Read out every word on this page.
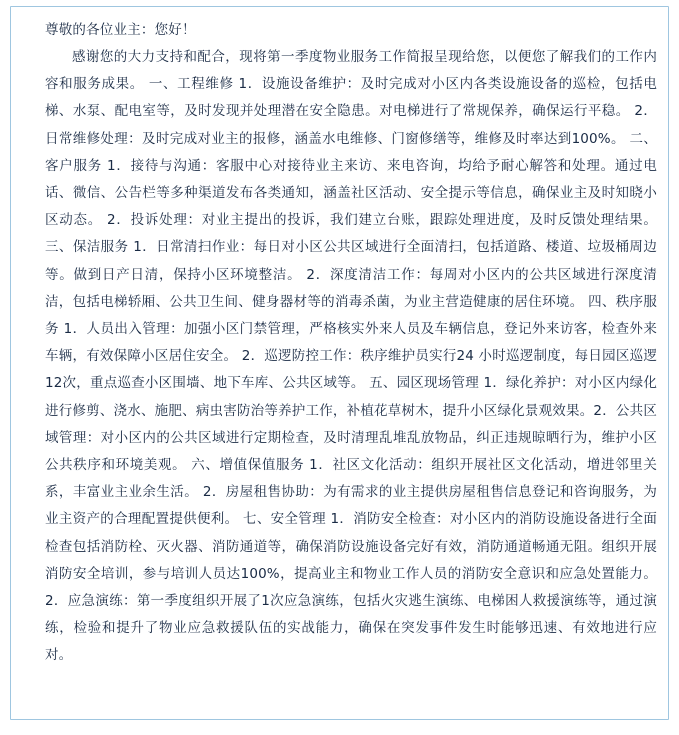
尊敬的各位业主：您好！
感谢您的大力支持和配合，现将第一季度物业服务工作简报呈现给您，以便您了解我们的工作内容和服务成果。 一、工程维修 1．设施设备维护：及时完成对小区内各类设施设备的巡检，包括电梯、水泵、配电室等，及时发现并处理潜在安全隐患。对电梯进行了常规保养，确保运行平稳。 2．日常维修处理：及时完成对业主的报修，涵盖水电维修、门窗修缮等，维修及时率达到100%。 二、客户服务 1．接待与沟通：客服中心对接待业主来访、来电咨询，均给予耐心解答和处理。通过电话、微信、公告栏等多种渠道发布各类通知，涵盖社区活动、安全提示等信息，确保业主及时知晓小区动态。 2．投诉处理：对业主提出的投诉，我们建立台账，跟踪处理进度，及时反馈处理结果。 三、保洁服务 1．日常清扫作业：每日对小区公共区域进行全面清扫，包括道路、楼道、垃圾桶周边等。做到日产日清，保持小区环境整洁。 2．深度清洁工作：每周对小区内的公共区域进行深度清洁，包括电梯轿厢、公共卫生间、健身器材等的消毒杀菌，为业主营造健康的居住环境。 四、秩序服务 1．人员出入管理：加强小区门禁管理，严格核实外来人员及车辆信息，登记外来访客，检查外来车辆，有效保障小区居住安全。 2．巡逻防控工作：秩序维护员实行24 小时巡逻制度，每日园区巡逻12次，重点巡查小区围墙、地下车库、公共区域等。 五、园区现场管理 1．绿化养护：对小区内绿化进行修剪、浇水、施肥、病虫害防治等养护工作，补植花草树木，提升小区绿化景观效果。2．公共区域管理：对小区内的公共区域进行定期检查，及时清理乱堆乱放物品，纠正违规晾晒行为，维护小区公共秩序和环境美观。 六、增值保值服务 1．社区文化活动：组织开展社区文化活动，增进邻里关系，丰富业主业余生活。 2．房屋租售协助：为有需求的业主提供房屋租售信息登记和咨询服务，为业主资产的合理配置提供便利。 七、安全管理 1．消防安全检查：对小区内的消防设施设备进行全面检查包括消防栓、灭火器、消防通道等，确保消防设施设备完好有效，消防通道畅通无阻。组织开展消防安全培训，参与培训人员达100%，提高业主和物业工作人员的消防安全意识和应急处置能力。 2．应急演练：第一季度组织开展了1次应急演练，包括火灾逃生演练、电梯困人救援演练等，通过演练，检验和提升了物业应急救援队伍的实战能力，确保在突发事件发生时能够迅速、有效地进行应对。
